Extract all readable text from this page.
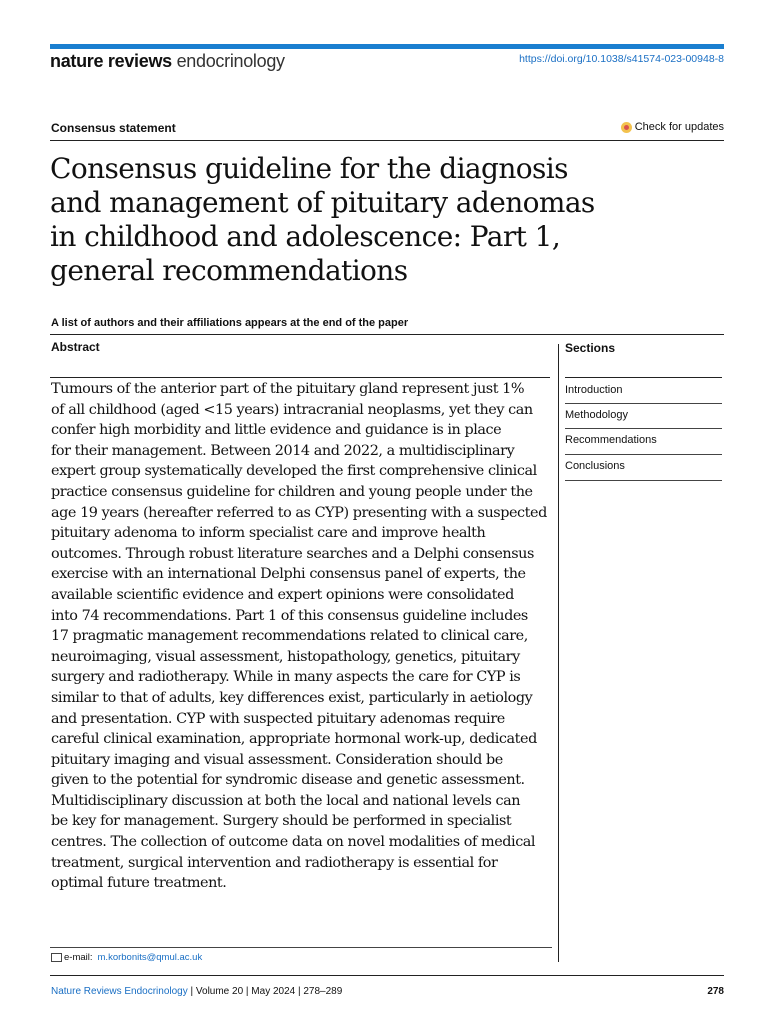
nature reviews endocrinology	https://doi.org/10.1038/s41574-023-00948-8
Consensus statement	Check for updates
Consensus guideline for the diagnosis
and management of pituitary adenomas
in childhood and adolescence: Part 1,
general recommendations
A list of authors and their affiliations appears at the end of the paper
Abstract
Tumours of the anterior part of the pituitary gland represent just 1%
of all childhood (aged <15 years) intracranial neoplasms, yet they can
confer high morbidity and little evidence and guidance is in place
for their management. Between 2014 and 2022, a multidisciplinary
expert group systematically developed the first comprehensive clinical
practice consensus guideline for children and young people under the
age 19 years (hereafter referred to as CYP) presenting with a suspected
pituitary adenoma to inform specialist care and improve health
outcomes. Through robust literature searches and a Delphi consensus
exercise with an international Delphi consensus panel of experts, the
available scientific evidence and expert opinions were consolidated
into 74 recommendations. Part 1 of this consensus guideline includes
17 pragmatic management recommendations related to clinical care,
neuroimaging, visual assessment, histopathology, genetics, pituitary
surgery and radiotherapy. While in many aspects the care for CYP is
similar to that of adults, key differences exist, particularly in aetiology
and presentation. CYP with suspected pituitary adenomas require
careful clinical examination, appropriate hormonal work-up, dedicated
pituitary imaging and visual assessment. Consideration should be
given to the potential for syndromic disease and genetic assessment.
Multidisciplinary discussion at both the local and national levels can
be key for management. Surgery should be performed in specialist
centres. The collection of outcome data on novel modalities of medical
treatment, surgical intervention and radiotherapy is essential for
optimal future treatment.
Sections
Introduction
Methodology
Recommendations
Conclusions
e-mail: m.korbonits@qmul.ac.uk
Nature Reviews Endocrinology | Volume 20 | May 2024 | 278–289	278
